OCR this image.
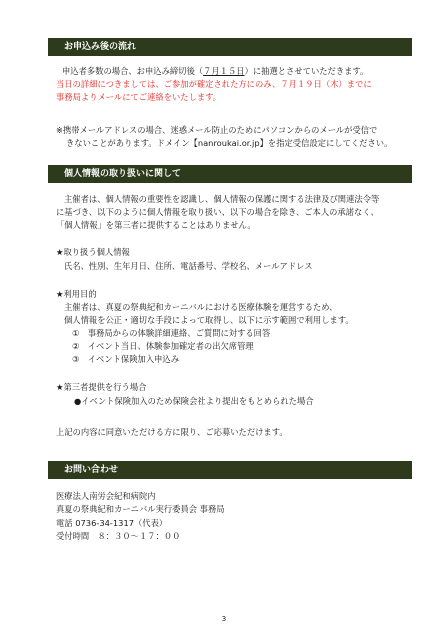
お申込み後の流れ
申込者多数の場合、お申込み締切後（７月１５日）に抽選とさせていただきます。
当日の詳細につきましては、ご参加が確定された方にのみ、７月１９日（木）までに
事務局よりメールにてご連絡をいたします。
※携帯メールアドレスの場合、迷惑メール防止のためにパソコンからのメールが受信で
きないことがあります。ドメイン【nanroukai.or.jp】を指定受信設定にしてください。
個人情報の取り扱いに関して
主催者は、個人情報の重要性を認識し、個人情報の保護に関する法律及び関連法令等
に基づき、以下のように個人情報を取り扱い、以下の場合を除き、ご本人の承諾なく、
「個人情報」を第三者に提供することはありません。
★取り扱う個人情報
氏名、性別、生年月日、住所、電話番号、学校名、メールアドレス
★利用目的
主催者は、真夏の祭典紀和カーニバルにおける医療体験を運営するため、
個人情報を公正・適切な手段によって取得し、以下に示す範囲で利用します。
①　事務局からの体験詳細連絡、ご質問に対する回答
②　イベント当日、体験参加確定者の出欠席管理
③　イベント保険加入申込み
★第三者提供を行う場合
●イベント保険加入のため保険会社より提出をもとめられた場合
上記の内容に同意いただける方に限り、ご応募いただけます。
お問い合わせ
医療法人南労会紀和病院内
真夏の祭典紀和カーニバル実行委員会 事務局
電話 0736-34-1317（代表）
受付時間　８：３０～１７：００
3
